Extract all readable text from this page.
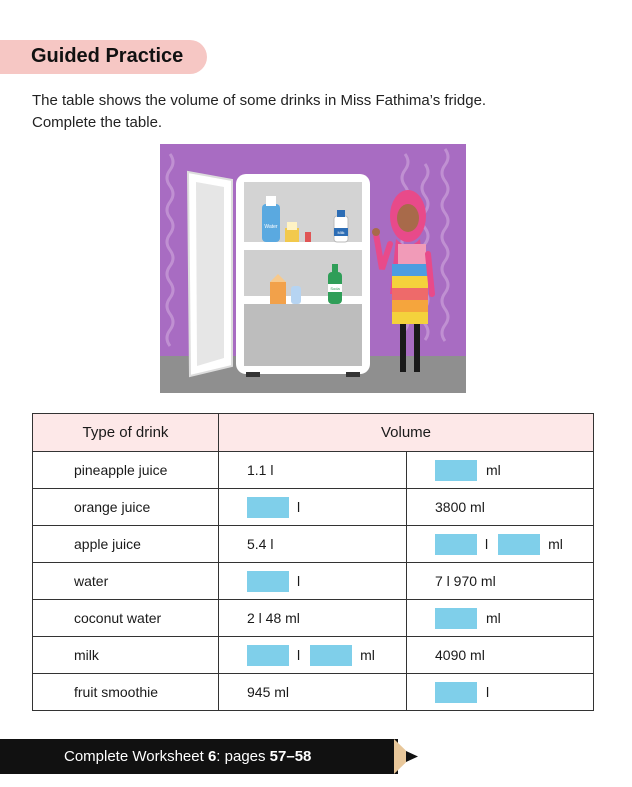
Guided Practice
The table shows the volume of some drinks in Miss Fathima’s fridge.
Complete the table.
Water
Milk
Soda
Type of drink	Volume	
pineapple juice	1.1 l	ml

orange juice	l	3800 ml
apple juice	5.4 l	l ml

water	l	7 l 970 ml
coconut water	2 l 48 ml	ml

milk	l ml	4090 ml
fruit smoothie	945 ml	l
Complete Worksheet 6: pages 57–58
